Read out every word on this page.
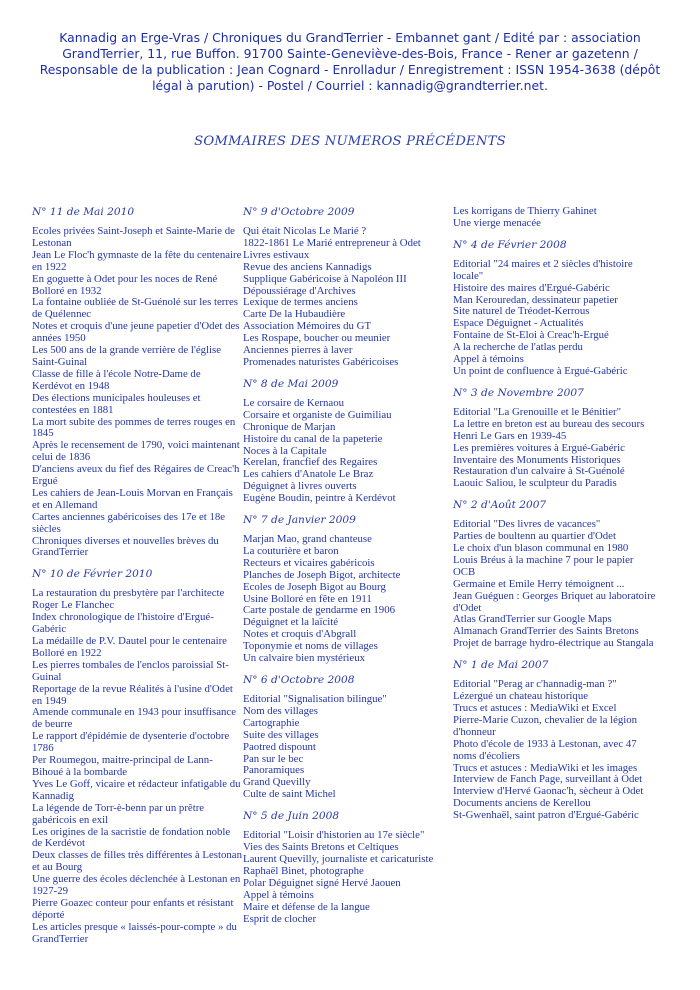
Kannadig an Erge-Vras / Chroniques du GrandTerrier - Embannet gant / Edité par : association
GrandTerrier, 11, rue Buffon. 91700 Sainte-Geneviève-des-Bois, France - Rener ar gazetenn /
Responsable de la publication : Jean Cognard - Enrolladur / Enregistrement : ISSN 1954-3638 (dépôt
légal à parution) - Postel / Courriel : kannadig@grandterrier.net.
SOMMAIRES DES NUMEROS PRÉCÉDENTS
N° 11 de Mai 2010
Ecoles privées Saint-Joseph et Sainte-Marie de Lestonan
Jean Le Floc'h gymnaste de la fête du centenaire en 1922
En goguette à Odet pour les noces de René Bolloré en 1932
La fontaine oubliée de St-Guénolé sur les terres de Quélennec
Notes et croquis d'une jeune papetier d'Odet des années 1950
Les 500 ans de la grande verrière de l'église Saint-Guinal
Classe de fille à l'école Notre-Dame de Kerdévot en 1948
Des élections municipales houleuses et contestées en 1881
La mort subite des pommes de terres rouges en 1845
Après le recensement de 1790, voici maintenant celui de 1836
D'anciens aveux du fief des Régaires de Creac'h Ergué
Les cahiers de Jean-Louis Morvan en Français et en Allemand
Cartes anciennes gabéricoises des 17e et 18e siècles
Chroniques diverses et nouvelles brèves du GrandTerrier
N° 10 de Février 2010
La restauration du presbytère par l'architecte Roger Le Flanchec
Index chronologique de l'histoire d'Ergué-Gabéric
La médaille de P.V. Dautel pour le centenaire Bolloré en 1922
Les pierres tombales de l'enclos paroissial St-Guinal
Reportage de la revue Réalités à l'usine d'Odet en 1949
Amende communale en 1943 pour insuffisance de beurre
Le rapport d'épidémie de dysenterie d'octobre 1786
Per Roumegou, maitre-principal de Lann-Bihoué à la bombarde
Yves Le Goff, vicaire et rédacteur infatigable du Kannadig
La légende de Torr-è-benn par un prêtre gabéricois en exil
Les origines de la sacristie de fondation noble de Kerdévot
Deux classes de filles très différentes à Lestonan et au Bourg
Une guerre des écoles déclenchée à Lestonan en 1927-29
Pierre Goazec conteur pour enfants et résistant déporté
Les articles presque « laissés-pour-compte » du GrandTerrier
N° 9 d'Octobre 2009
Qui était Nicolas Le Marié ?
1822-1861 Le Marié entrepreneur à Odet
Livres estivaux
Revue des anciens Kannadigs
Supplique Gabéricoise à Napoléon III
Dépoussiérage d'Archives
Lexique de termes anciens
Carte De la Hubaudière
Association Mémoires du GT
Les Rospape, boucher ou meunier
Anciennes pierres à laver
Promenades naturistes Gabéricoises
N° 8 de Mai 2009
Le corsaire de Kernaou
Corsaire et organiste de Guimiliau
Chronique de Marjan
Histoire du canal de la papeterie
Noces à la Capitale
Kerelan, francfief des Regaires
Les cahiers d'Anatole Le Braz
Déguignet à livres ouverts
Eugène Boudin, peintre à Kerdévot
N° 7 de Janvier 2009
Marjan Mao, grand chanteuse
La couturière et baron
Recteurs et vicaires gabéricois
Planches de Joseph Bigot, architecte
Ecoles de Joseph Bigot au Bourg
Usine Bolloré en fête en 1911
Carte postale de gendarme en 1906
Déguignet et la laïcité
Notes et croquis d'Abgrall
Toponymie et noms de villages
Un calvaire bien mystérieux
N° 6 d'Octobre 2008
Editorial "Signalisation bilingue"
Nom des villages
Cartographie
Suite des villages
Paotred dispount
Pan sur le bec
Panoramiques
Grand Quevilly
Culte de saint Michel
N° 5 de Juin 2008
Editorial "Loisir d'historien au 17e siècle"
Vies des Saints Bretons et Celtiques
Laurent Quevilly, journaliste et caricaturiste
Raphaël Binet, photographe
Polar Déguignet signé Hervé Jaouen
Appel à témoins
Maire et défense de la langue
Esprit de clocher
Les korrigans de Thierry Gahinet
Une vierge menacée
N° 4 de Février 2008
Editorial "24 maires et 2 siècles d'histoire locale"
Histoire des maires d'Ergué-Gabéric
Man Kerouredan, dessinateur papetier
Site naturel de Tréodet-Kerrous
Espace Déguignet - Actualités
Fontaine de St-Eloi à Creac'h-Ergué
A la recherche de l'atlas perdu
Appel à témoins
Un point de confluence à Ergué-Gabéric
N° 3 de Novembre 2007
Editorial "La Grenouille et le Bénitier"
La lettre en breton est au bureau des secours
Henri Le Gars en 1939-45
Les premières voitures à Ergué-Gabéric
Inventaire des Monuments Historiques
Restauration d'un calvaire à St-Guénolé
Laouic Saliou, le sculpteur du Paradis
N° 2 d'Août 2007
Editorial "Des livres de vacances"
Parties de boultenn au quartier d'Odet
Le choix d'un blason communal en 1980
Louis Bréus à la machine 7 pour le papier OCB
Germaine et Emile Herry témoignent ...
Jean Guéguen : Georges Briquet au laboratoire d'Odet
Atlas GrandTerrier sur Google Maps
Almanach GrandTerrier des Saints Bretons Projet de barrage hydro-électrique au Stangala
N° 1 de Mai 2007
Editorial "Perag ar c'hannadig-man ?"
Lézergué un chateau historique
Trucs et astuces : MediaWiki et Excel
Pierre-Marie Cuzon, chevalier de la légion d'honneur
Photo d'école de 1933 à Lestonan, avec 47 noms d'écoliers
Trucs et astuces : MediaWiki et les images
Interview de Fanch Page, surveillant à Odet
Interview d'Hervé Gaonac'h, sècheur à Odet
Documents anciens de Kerellou
St-Gwenhaël, saint patron d'Ergué-Gabéric
